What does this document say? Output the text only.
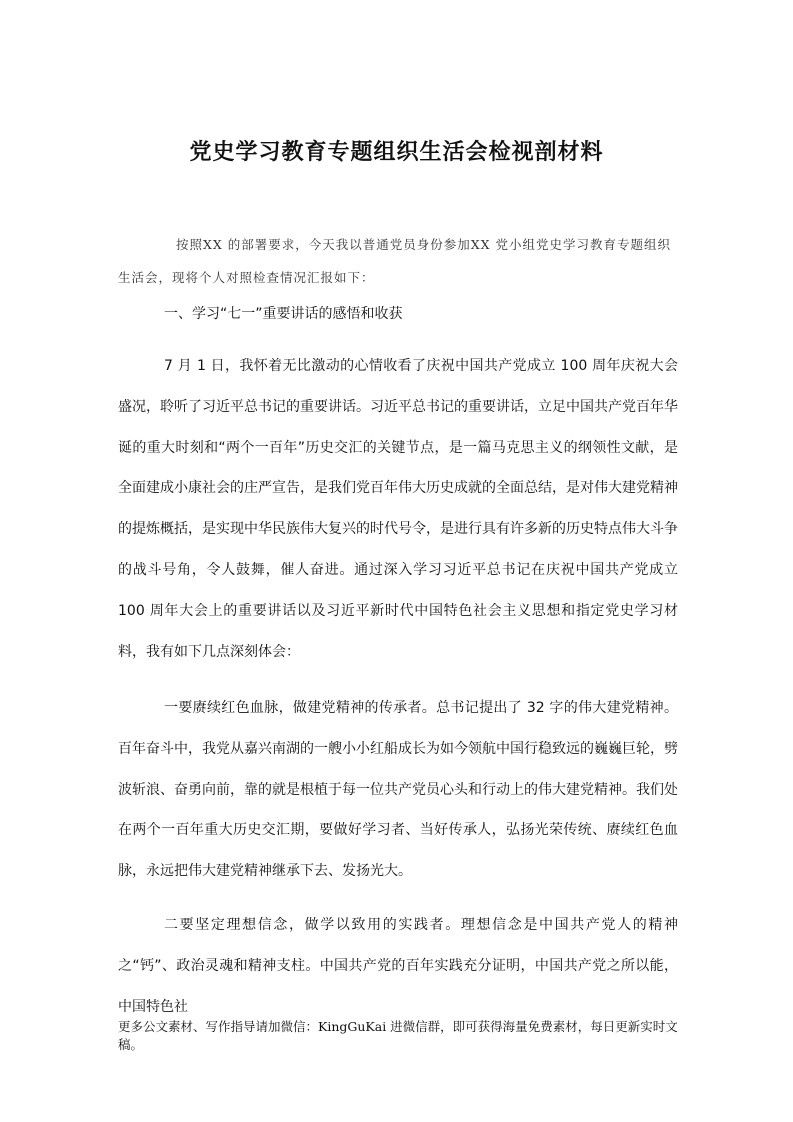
党史学习教育专题组织生活会检视剖材料

按照XX 的部署要求，今天我以普通党员身份参加XX 党小组党史学习教育专题组织生活会，现将个人对照检查情况汇报如下：

一、学习“七一”重要讲话的感悟和收获

7 月 1 日，我怀着无比激动的心情收看了庆祝中国共产党成立 100 周年庆祝大会盛况，聆听了习近平总书记的重要讲话。习近平总书记的重要讲话，立足中国共产党百年华诞的重大时刻和“两个一百年”历史交汇的关键节点，是一篇马克思主义的纲领性文献，是全面建成小康社会的庄严宣告，是我们党百年伟大历史成就的全面总结，是对伟大建党精神的提炼概括，是实现中华民族伟大复兴的时代号令，是进行具有许多新的历史特点伟大斗争的战斗号角，令人鼓舞，催人奋进。通过深入学习习近平总书记在庆祝中国共产党成立 100 周年大会上的重要讲话以及习近平新时代中国特色社会主义思想和指定党史学习材料，我有如下几点深刻体会：

一要赓续红色血脉，做建党精神的传承者。总书记提出了 32 字的伟大建党精神。百年奋斗中，我党从嘉兴南湖的一艘小小红船成长为如今领航中国行稳致远的巍巍巨轮，劈波斩浪、奋勇向前，靠的就是根植于每一位共产党员心头和行动上的伟大建党精神。我们处在两个一百年重大历史交汇期，要做好学习者、当好传承人，弘扬光荣传统、赓续红色血脉，永远把伟大建党精神继承下去、发扬光大。

二要坚定理想信念，做学以致用的实践者。理想信念是中国共产党人的精神之“钙”、政治灵魂和精神支柱。中国共产党的百年实践充分证明，中国共产党之所以能，中国特色社

更多公文素材、写作指导请加微信：KingGuKai 进微信群，即可获得海量免费素材，每日更新实时文稿。
